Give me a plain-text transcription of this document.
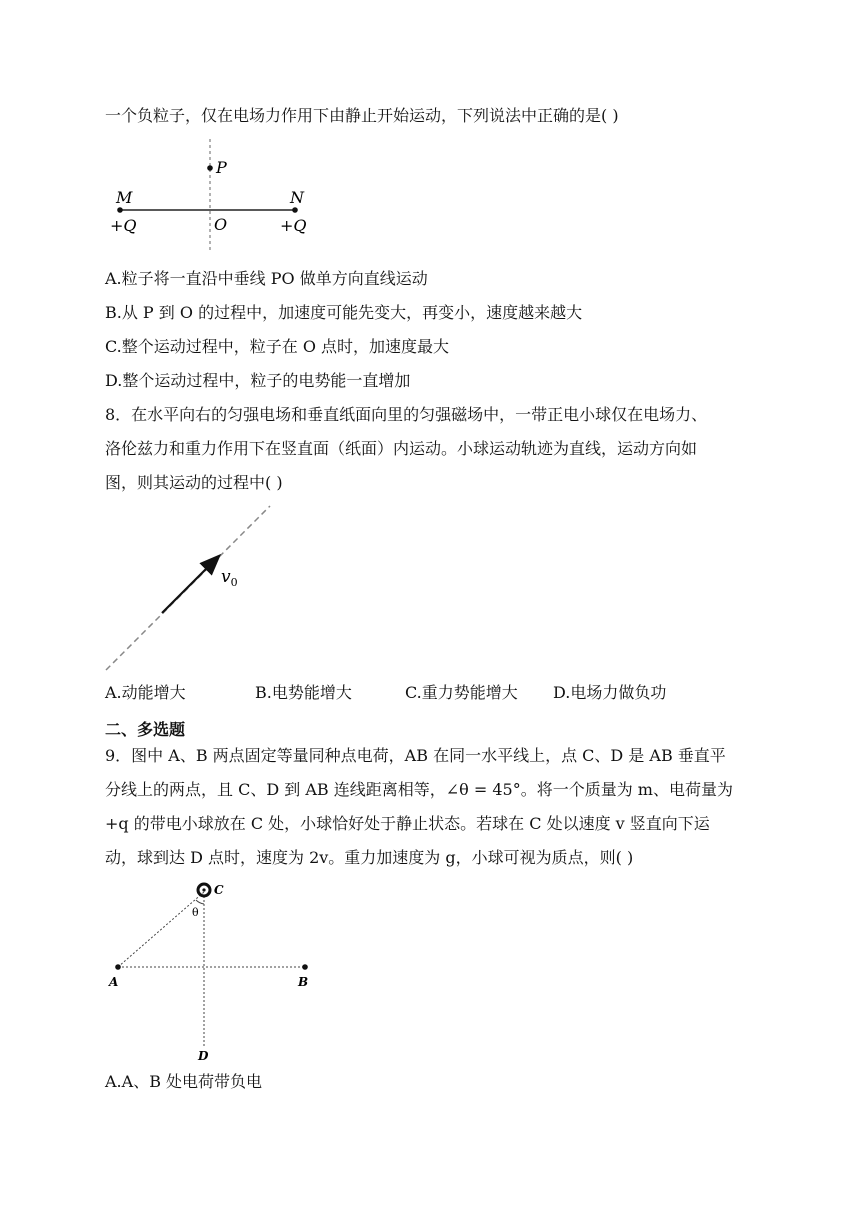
一个负粒子，仅在电场力作用下由静止开始运动，下列说法中正确的是( )
P
M	N
O
+Q	+Q
A.粒子将一直沿中垂线 PO 做单方向直线运动
B.从 P 到 O 的过程中，加速度可能先变大，再变小，速度越来越大
C.整个运动过程中，粒子在 O 点时，加速度最大
D.整个运动过程中，粒子的电势能一直增加
8．在水平向右的匀强电场和垂直纸面向里的匀强磁场中，一带正电小球仅在电场力、
洛伦兹力和重力作用下在竖直面（纸面）内运动。小球运动轨迹为直线，运动方向如
图，则其运动的过程中( )
$v_0$
A.动能增大	B.电势能增大	C.重力势能增大 D.电场力做负功
二、多选题
9．图中 A、B 两点固定等量同种点电荷，AB 在同一水平线上，点 C、D 是 AB 垂直平
分线上的两点，且 C、D 到 AB 连线距离相等，∠θ = 45°。将一个质量为 m、电荷量为
+q 的带电小球放在 C 处，小球恰好处于静止状态。若球在 C 处以速度 v 竖直向下运
动，球到达 D 点时，速度为 2v。重力加速度为 g，小球可视为质点，则( )
C
θ
A	B
D
A.A、B 处电荷带负电
